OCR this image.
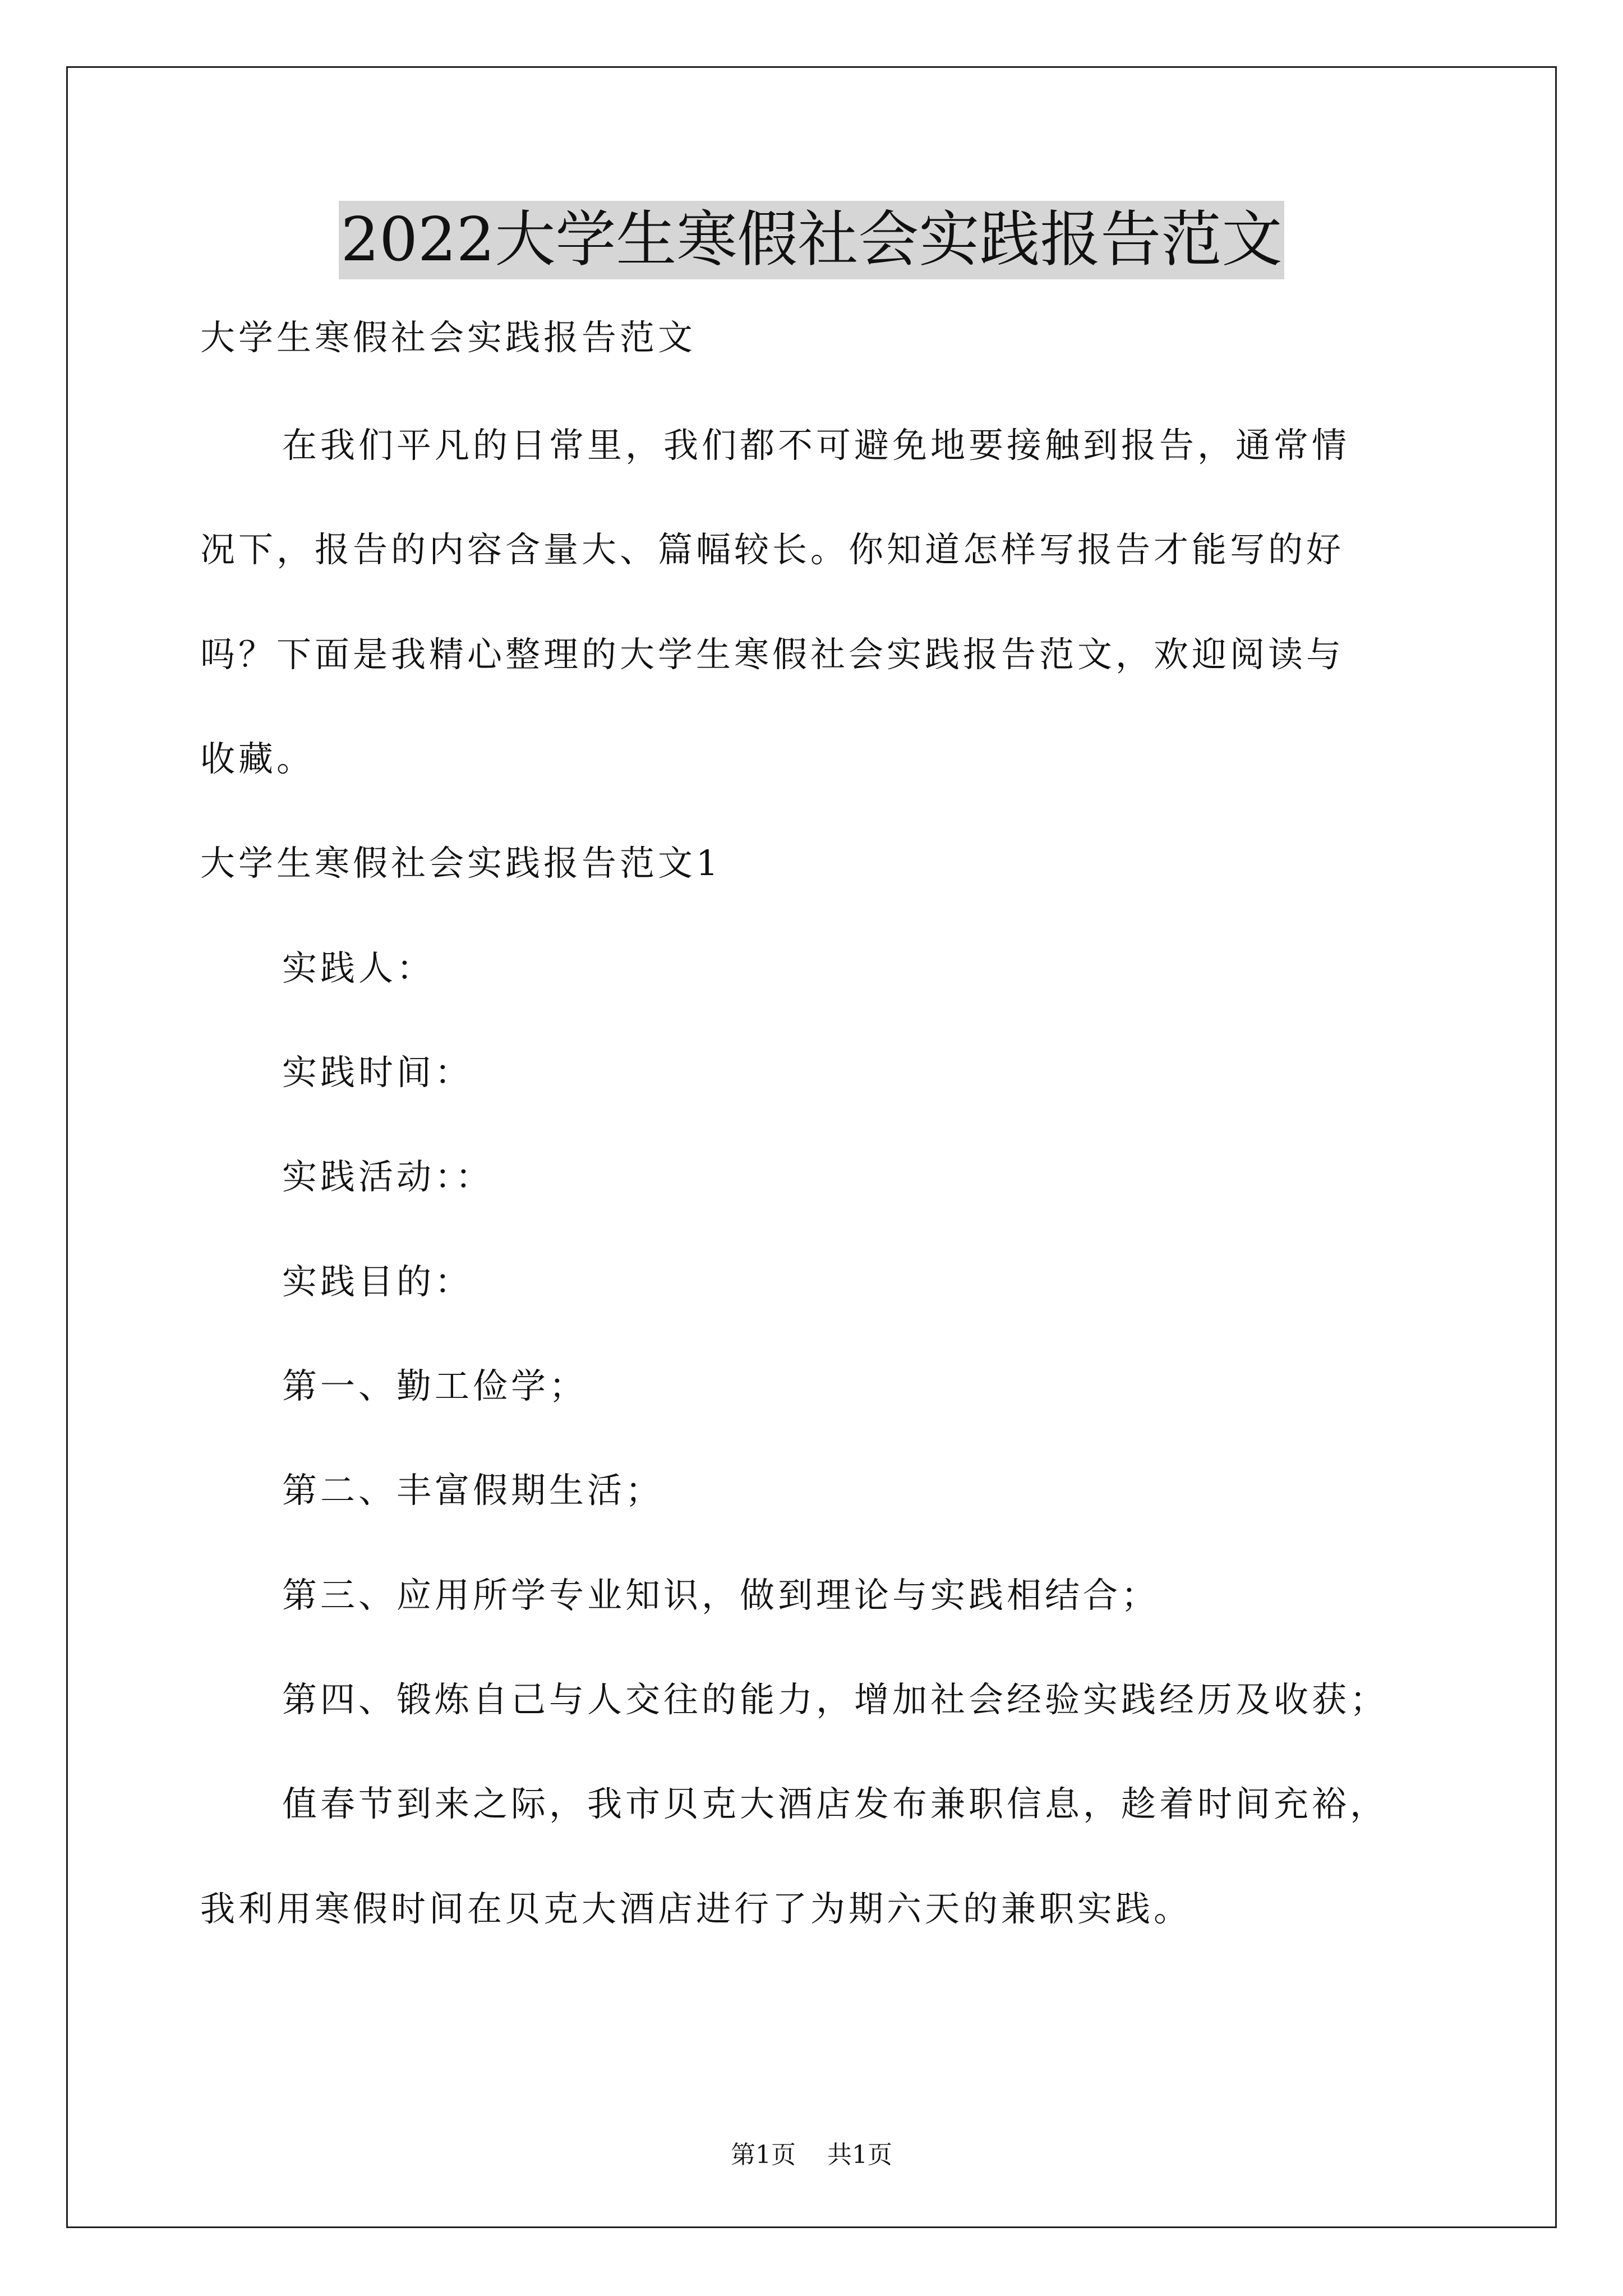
2022大学生寒假社会实践报告范文
大学生寒假社会实践报告范文
在我们平凡的日常里，我们都不可避免地要接触到报告，通常情
况下，报告的内容含量大、篇幅较长。你知道怎样写报告才能写的好
吗？下面是我精心整理的大学生寒假社会实践报告范文，欢迎阅读与
收藏。
大学生寒假社会实践报告范文1
实践人：
实践时间：
实践活动：：
实践目的：
第一、勤工俭学；
第二、丰富假期生活；
第三、应用所学专业知识，做到理论与实践相结合；
第四、锻炼自己与人交往的能力，增加社会经验实践经历及收获；
值春节到来之际，我市贝克大酒店发布兼职信息，趁着时间充裕，
我利用寒假时间在贝克大酒店进行了为期六天的兼职实践。
第1页 共1页
